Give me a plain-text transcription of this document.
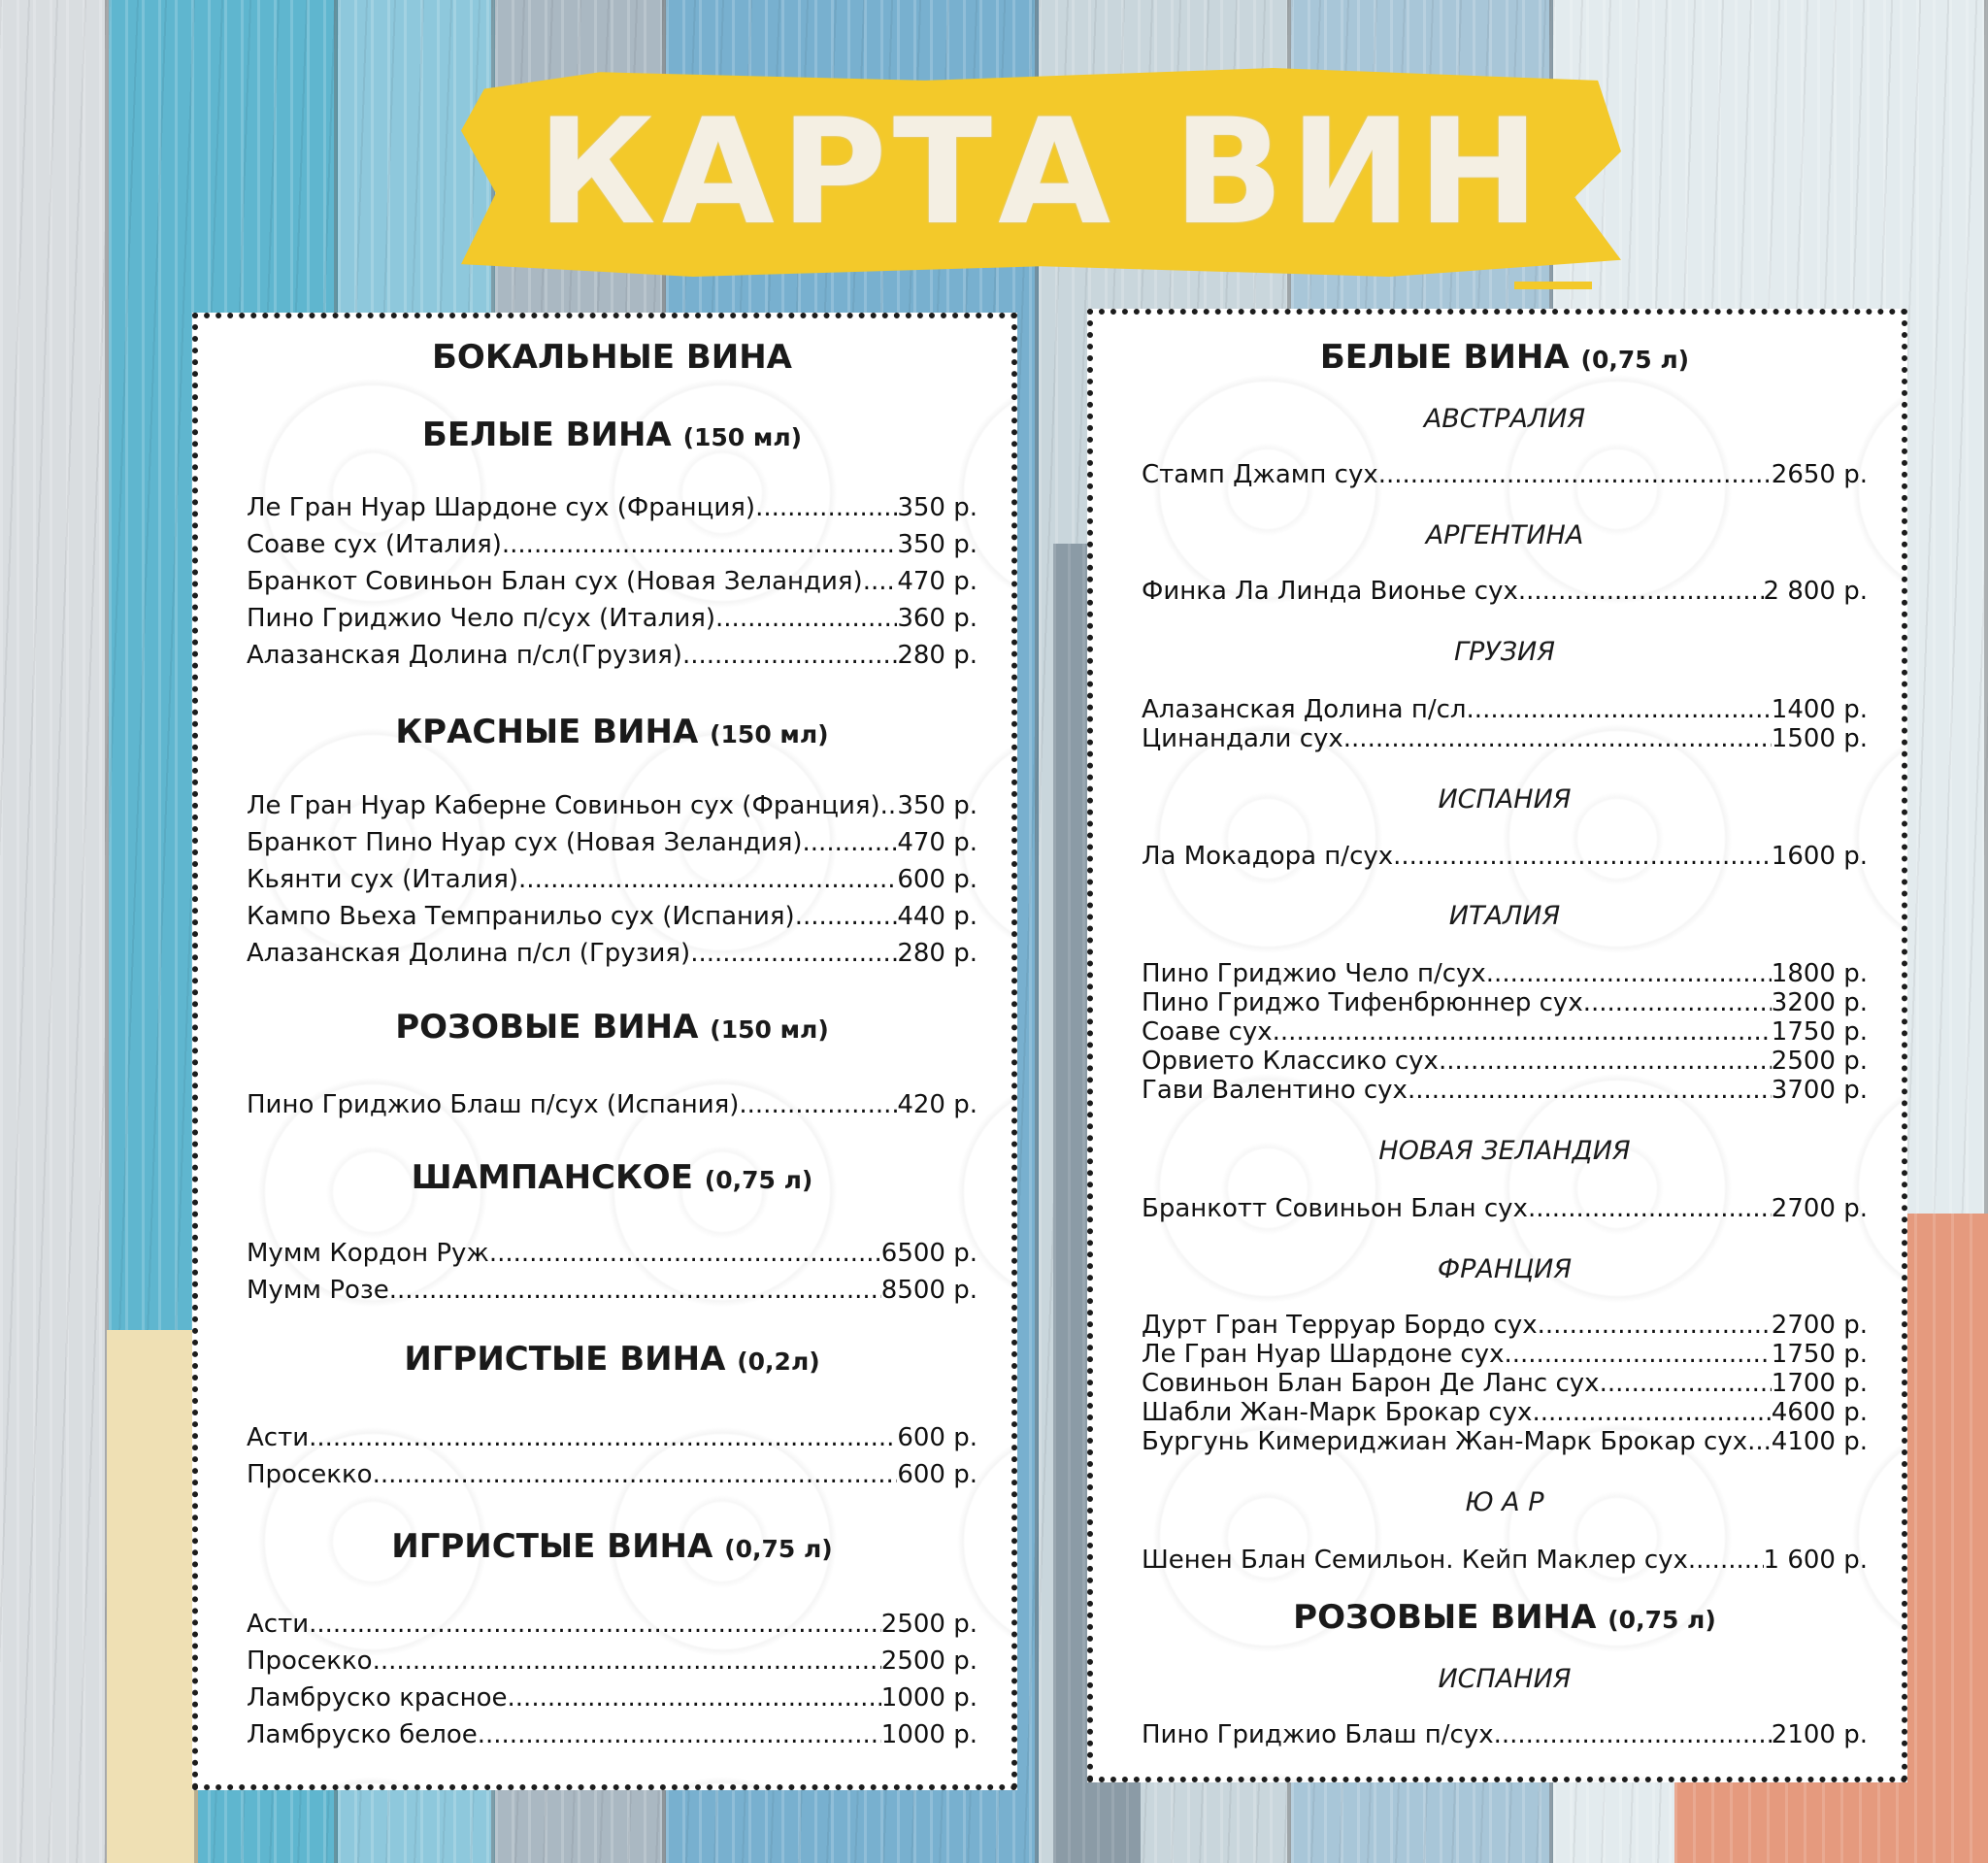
КАРТА ВИН
БОКАЛЬНЫЕ ВИНА
БЕЛЫЕ ВИНА (150 мл)
Ле Гран Нуар Шардоне сух (Франция) .....	350 р.
Соаве сух (Италия) .....	350 р.
Бранкот Совиньон Блан сух (Новая Зеландия) ..... 470 р.
Пино Гриджио Чело п/сух (Италия) .....	360 р.
Алазанская Долина п/сл(Грузия) .....	280 р.
КРАСНЫЕ ВИНА (150 мл)
Ле Гран Нуар Каберне Совиньон сух (Франция) ..... 350 р.
Бранкот Пино Нуар сух (Новая Зеландия) .....	470 р.
Кьянти сух (Италия) .....	600 р.
Кампо Вьеха Темпранильо сух (Испания) .....	440 р.
Алазанская Долина п/сл (Грузия) .....	280 р.
РОЗОВЫЕ ВИНА (150 мл)
Пино Гриджио Блаш п/сух (Испания) .....	420 р.
ШАМПАНСКОЕ (0,75 л)
Мумм Кордон Руж .....	6500 р.
Мумм Розе .....	8500 р.
ИГРИСТЫЕ ВИНА (0,2л)
Асти .....	600 р.
Просекко .....	600 р.
ИГРИСТЫЕ ВИНА (0,75 л)
Асти .....	2500 р.
Просекко .....	2500 р.
Ламбруско красное .....	1000 р.
Ламбруско белое .....	1000 р.
БЕЛЫЕ ВИНА (0,75 л)

АВСТРАЛИЯ

Стамп Джамп сух .....	2650 р.

АРГЕНТИНА

Финка Ла Линда Вионье сух .....	2 800 р.

ГРУЗИЯ

Алазанская Долина п/сл .....	1400 р.
Цинандали сух .....	1500 р.

ИСПАНИЯ

Ла Мокадора п/сух .....	1600 р.

ИТАЛИЯ

Пино Гриджио Чело п/сух .....	1800 р.
Пино Гриджо Тифенбрюннер сух .....	3200 р.
Соаве сух .....	1750 р.
Орвието Классико сух .....	2500 р.
Гави Валентино сух .....	3700 р.

НОВАЯ ЗЕЛАНДИЯ

Бранкотт Совиньон Блан сух .....	2700 р.

ФРАНЦИЯ

Дурт Гран Терруар Бордо сух .....	2700 р.
Ле Гран Нуар Шардоне сух .....	1750 р.
Совиньон Блан Барон Де Ланс сух .....	1700 р.
Шабли Жан-Марк Брокар сух .....	4600 р.
Бургунь Кимериджиан Жан-Марк Брокар сух ..... 4100 р.

Ю А Р

Шенен Блан Семильон. Кейп Маклер сух .....	1 600 р.
РОЗОВЫЕ ВИНА (0,75 л)

ИСПАНИЯ

Пино Гриджио Блаш п/сух .....	2100 р.
